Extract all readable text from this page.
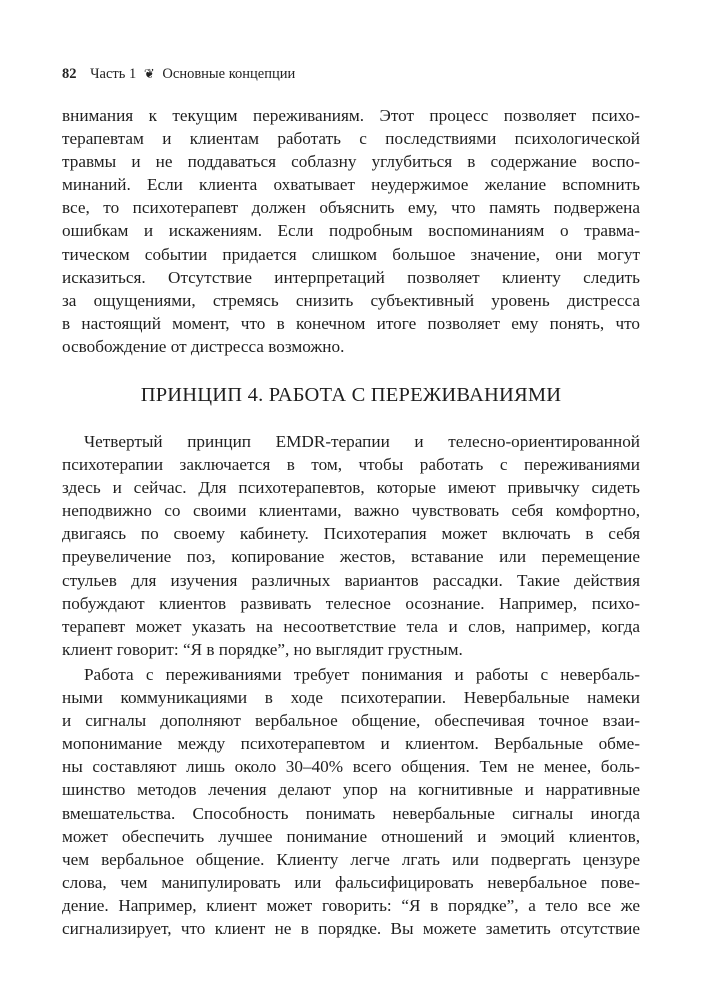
82 Часть 1 ❦ Основные концепции
внимания к текущим переживаниям. Этот процесс позволяет психо-
терапевтам и клиентам работать с последствиями психологической
травмы и не поддаваться соблазну углубиться в содержание воспо-
минаний. Если клиента охватывает неудержимое желание вспомнить
все, то психотерапевт должен объяснить ему, что память подвержена
ошибкам и искажениям. Если подробным воспоминаниям о травма-
тическом событии придается слишком большое значение, они могут
исказиться. Отсутствие интерпретаций позволяет клиенту следить
за ощущениями, стремясь снизить субъективный уровень дистресса
в настоящий момент, что в конечном итоге позволяет ему понять, что
освобождение от дистресса возможно.
ПРИНЦИП 4. РАБОТА С ПЕРЕЖИВАНИЯМИ
Четвертый принцип EMDR-терапии и телесно-ориентированной
психотерапии заключается в том, чтобы работать с переживаниями
здесь и сейчас. Для психотерапевтов, которые имеют привычку сидеть
неподвижно со своими клиентами, важно чувствовать себя комфортно,
двигаясь по своему кабинету. Психотерапия может включать в себя
преувеличение поз, копирование жестов, вставание или перемещение
стульев для изучения различных вариантов рассадки. Такие действия
побуждают клиентов развивать телесное осознание. Например, психо-
терапевт может указать на несоответствие тела и слов, например, когда
клиент говорит: “Я в порядке”, но выглядит грустным.
Работа с переживаниями требует понимания и работы с невербаль-
ными коммуникациями в ходе психотерапии. Невербальные намеки
и сигналы дополняют вербальное общение, обеспечивая точное взаи-
мопонимание между психотерапевтом и клиентом. Вербальные обме-
ны составляют лишь около 30–40% всего общения. Тем не менее, боль-
шинство методов лечения делают упор на когнитивные и нарративные
вмешательства. Способность понимать невербальные сигналы иногда
может обеспечить лучшее понимание отношений и эмоций клиентов,
чем вербальное общение. Клиенту легче лгать или подвергать цензуре
слова, чем манипулировать или фальсифицировать невербальное пове-
дение. Например, клиент может говорить: “Я в порядке”, а тело все же
сигнализирует, что клиент не в порядке. Вы можете заметить отсутствие
